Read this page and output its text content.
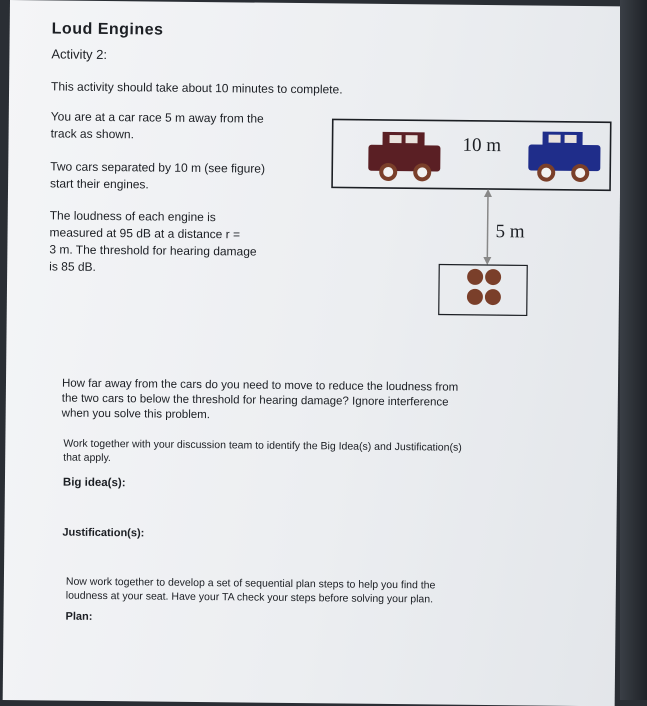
Loud Engines
Activity 2:
This activity should take about 10 minutes to complete.
You are at a car race 5 m away from the
track as shown.
Two cars separated by 10 m (see figure)
start their engines.
The loudness of each engine is
measured at 95 dB at a distance r =
3 m. The threshold for hearing damage
is 85 dB.
10 m
5 m
How far away from the cars do you need to move to reduce the loudness from
the two cars to below the threshold for hearing damage? Ignore interference
when you solve this problem.
Work together with your discussion team to identify the Big Idea(s) and Justification(s)
that apply.
Big idea(s):
Justification(s):
Now work together to develop a set of sequential plan steps to help you find the
loudness at your seat. Have your TA check your steps before solving your plan.
Plan:
